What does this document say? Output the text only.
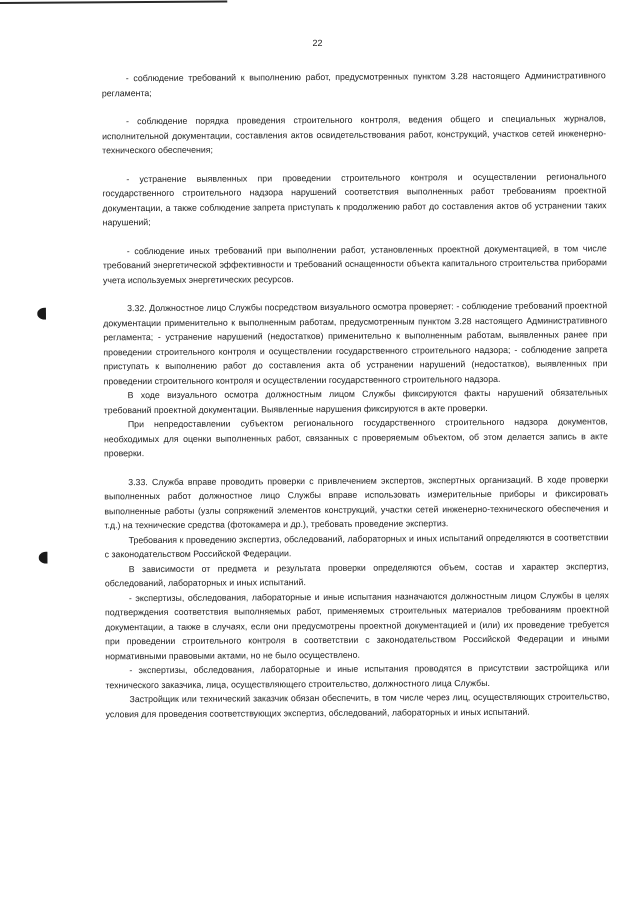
22

- соблюдение требований к выполнению работ, предусмотренных пунктом 3.28 настоящего Административного регламента;

- соблюдение порядка проведения строительного контроля, ведения общего и специальных журналов, исполнительной документации, составления актов освидетельствования работ, конструкций, участков сетей инженерно-технического обеспечения;

- устранение выявленных при проведении строительного контроля и осуществлении регионального государственного строительного надзора нарушений соответствия выполненных работ требованиям проектной документации, а также соблюдение запрета приступать к продолжению работ до составления актов об устранении таких нарушений;

- соблюдение иных требований при выполнении работ, установленных проектной документацией, в том числе требований энергетической эффективности и требований оснащенности объекта капитального строительства приборами учета используемых энергетических ресурсов.

3.32. Должностное лицо Службы посредством визуального осмотра проверяет: - соблюдение требований проектной документации применительно к выполненным работам, предусмотренным пунктом 3.28 настоящего Административного регламента; - устранение нарушений (недостатков) применительно к выполненным работам, выявленных ранее при проведении строительного контроля и осуществлении государственного строительного надзора; - соблюдение запрета приступать к выполнению работ до составления акта об устранении нарушений (недостатков), выявленных при проведении строительного контроля и осуществлении государственного строительного надзора.

В ходе визуального осмотра должностным лицом Службы фиксируются факты нарушений обязательных требований проектной документации. Выявленные нарушения фиксируются в акте проверки.

При непредоставлении субъектом регионального государственного строительного надзора документов, необходимых для оценки выполненных работ, связанных с проверяемым объектом, об этом делается запись в акте проверки.

3.33. Служба вправе проводить проверки с привлечением экспертов, экспертных организаций. В ходе проверки выполненных работ должностное лицо Службы вправе использовать измерительные приборы и фиксировать выполненные работы (узлы сопряжений элементов конструкций, участки сетей инженерно-технического обеспечения и т.д.) на технические средства (фотокамера и др.), требовать проведение экспертиз.

Требования к проведению экспертиз, обследований, лабораторных и иных испытаний определяются в соответствии с законодательством Российской Федерации.

В зависимости от предмета и результата проверки определяются объем, состав и характер экспертиз, обследований, лабораторных и иных испытаний.

- экспертизы, обследования, лабораторные и иные испытания назначаются должностным лицом Службы в целях подтверждения соответствия выполняемых работ, применяемых строительных материалов требованиям проектной документации, а также в случаях, если они предусмотрены проектной документацией и (или) их проведение требуется при проведении строительного контроля в соответствии с законодательством Российской Федерации и иными нормативными правовыми актами, но не было осуществлено.

- экспертизы, обследования, лабораторные и иные испытания проводятся в присутствии застройщика или технического заказчика, лица, осуществляющего строительство, должностного лица Службы.

Застройщик или технический заказчик обязан обеспечить, в том числе через лиц, осуществляющих строительство, условия для проведения соответствующих экспертиз, обследований, лабораторных и иных испытаний.
